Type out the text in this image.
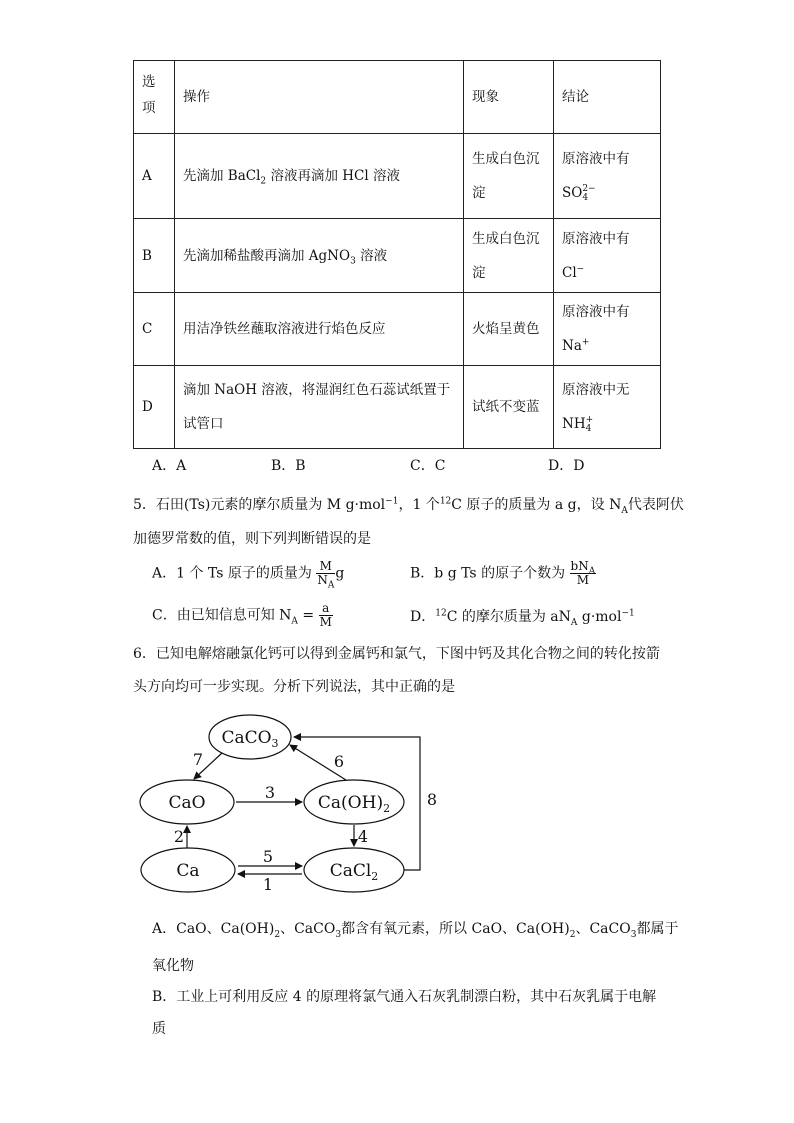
选项	操作	现象	结论
A	先滴加 BaCl$_2$ 溶液再滴加 HCl 溶液	生成白色沉淀	原溶液中有
SO 2−
4

B	先滴加稀盐酸再滴加 AgNO$_3$ 溶液	生成白色沉淀	原溶液中有
Cl−
C	用洁净铁丝蘸取溶液进行焰色反应	火焰呈黄色	原溶液中有
Na+
D	滴加 NaOH 溶液，将湿润红色石蕊试纸置于试管口	试纸不变蓝	原溶液中无
NH +
4
A．A	B．B	C．C	D．D
5．石田(Ts)元素的摩尔质量为 M g·mol$^{-1}$，1 个$^{12}$C 原子的质量为 a g，设 $N_A$代表阿伏
加德罗常数的值，则下列判断错误的是
A．1 个 Ts 原子的质量为 $\frac{M}{N_A}$ g	B．b g Ts 的原子个数为 $\frac{bN_A}{M}$
C．由已知信息可知 $N_A = \frac{a}{M}$	D．$^{12}$C 的摩尔质量为 $aN_A$ g·mol$^{-1}$
6．已知电解熔融氯化钙可以得到金属钙和氯气，下图中钙及其化合物之间的转化按箭
头方向均可一步实现。分析下列说法，其中正确的是
CaCO$_3$
CaO	$Ca(OH)_2$
Ca	CaCl$_2$
1
2
3
4
5
6
7
8
A．CaO、$Ca(OH)_2$、CaCO$_3$都含有氧元素，所以 CaO、$Ca(OH)_2$、CaCO$_3$都属于
氧化物
B．工业上可利用反应 4 的原理将氯气通入石灰乳制漂白粉，其中石灰乳属于电解
质
